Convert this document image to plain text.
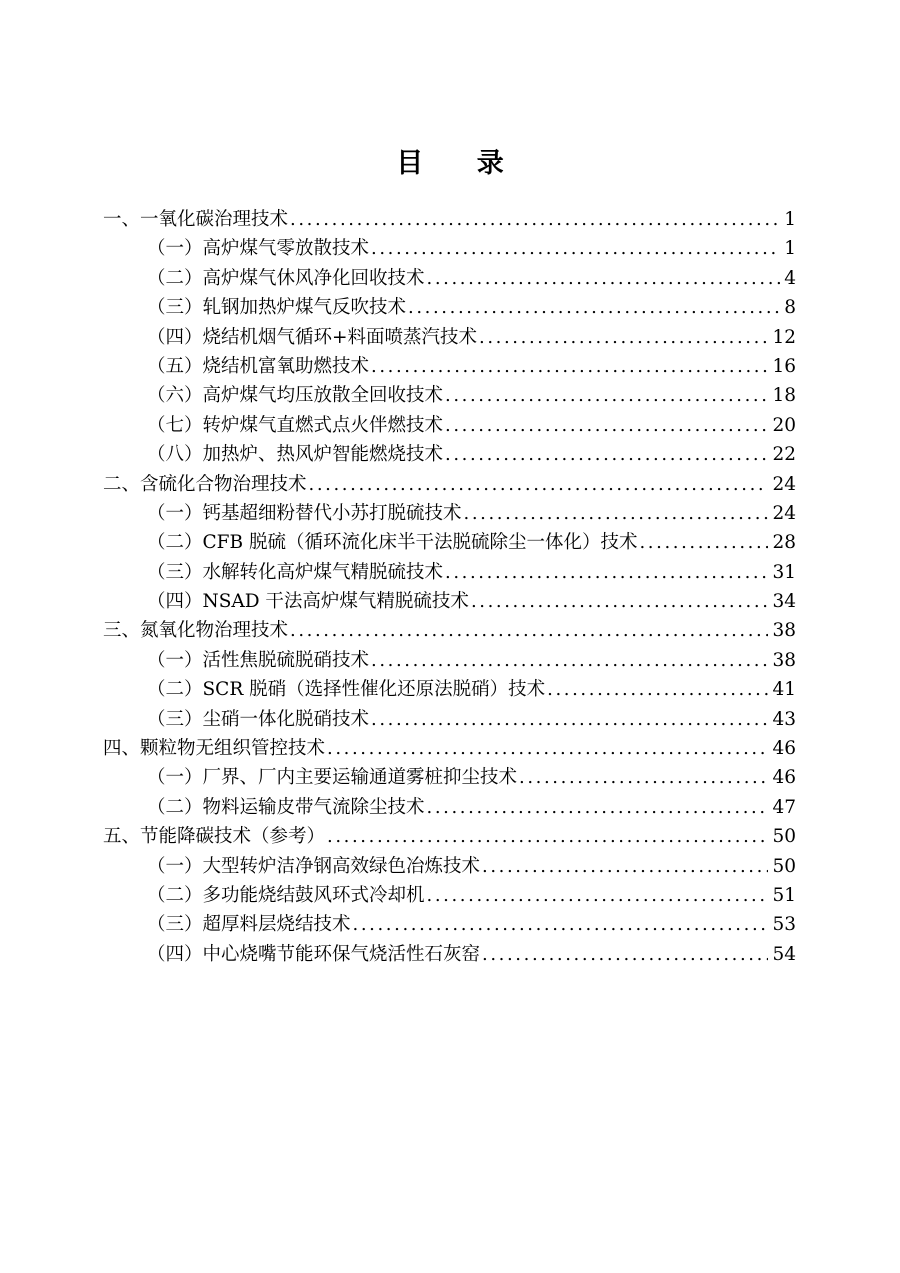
目 录
一、一氧化碳治理技术 .....	1
（一）高炉煤气零放散技术 .....	1
（二）高炉煤气休风净化回收技术 .....	4
（三）轧钢加热炉煤气反吹技术 .....	8
（四）烧结机烟气循环+料面喷蒸汽技术 .....	12
（五）烧结机富氧助燃技术 .....	16
（六）高炉煤气均压放散全回收技术 .....	18
（七）转炉煤气直燃式点火伴燃技术 .....	20
（八）加热炉、热风炉智能燃烧技术 .....	22
二、含硫化合物治理技术 .....	24
（一）钙基超细粉替代小苏打脱硫技术 .....	24
（二）CFB 脱硫（循环流化床半干法脱硫除尘一体化）技术 .....	28
（三）水解转化高炉煤气精脱硫技术 .....	31
（四）NSAD 干法高炉煤气精脱硫技术 .....	34
三、氮氧化物治理技术 .....	38
（一）活性焦脱硫脱硝技术 .....	38
（二）SCR 脱硝（选择性催化还原法脱硝）技术 .....	41
（三）尘硝一体化脱硝技术 .....	43
四、颗粒物无组织管控技术 .....	46
（一）厂界、厂内主要运输通道雾桩抑尘技术 .....	46
（二）物料运输皮带气流除尘技术 .....	47
五、节能降碳技术（参考） .....	50
（一）大型转炉洁净钢高效绿色冶炼技术 .....	50
（二）多功能烧结鼓风环式冷却机 .....	51
（三）超厚料层烧结技术 .....	53
（四）中心烧嘴节能环保气烧活性石灰窑 .....	54
